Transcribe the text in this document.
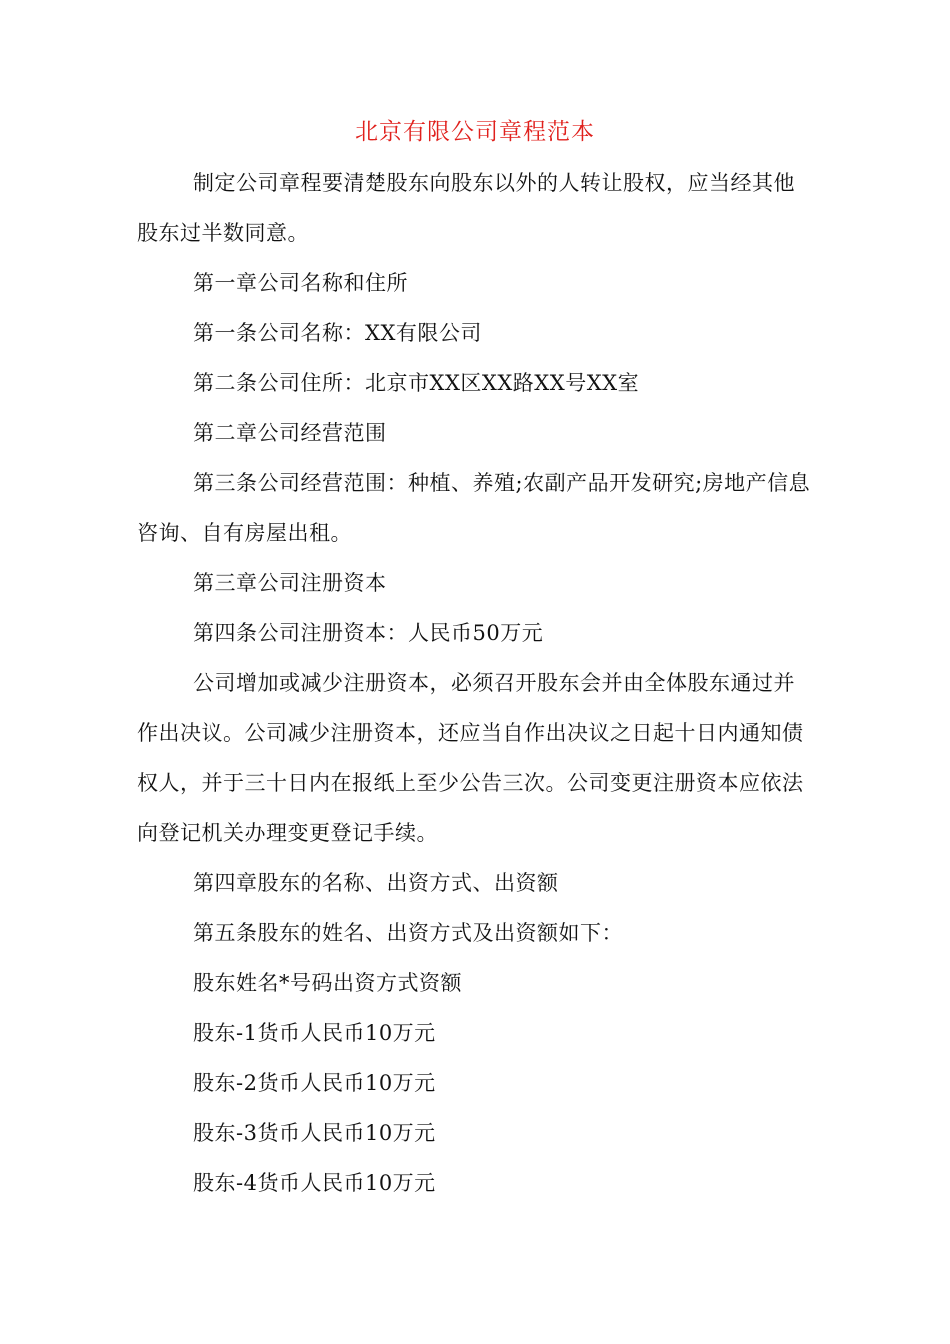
北京有限公司章程范本

制定公司章程要清楚股东向股东以外的人转让股权，应当经其他股东过半数同意。

第一章公司名称和住所

第一条公司名称：XX有限公司

第二条公司住所：北京市XX区XX路XX号XX室

第二章公司经营范围

第三条公司经营范围：种植、养殖;农副产品开发研究;房地产信息咨询、自有房屋出租。

第三章公司注册资本

第四条公司注册资本：人民币50万元

公司增加或减少注册资本，必须召开股东会并由全体股东通过并作出决议。公司减少注册资本，还应当自作出决议之日起十日内通知债权人，并于三十日内在报纸上至少公告三次。公司变更注册资本应依法向登记机关办理变更登记手续。

第四章股东的名称、出资方式、出资额

第五条股东的姓名、出资方式及出资额如下：

股东姓名*号码出资方式资额

股东-1货币人民币10万元

股东-2货币人民币10万元

股东-3货币人民币10万元

股东-4货币人民币10万元
